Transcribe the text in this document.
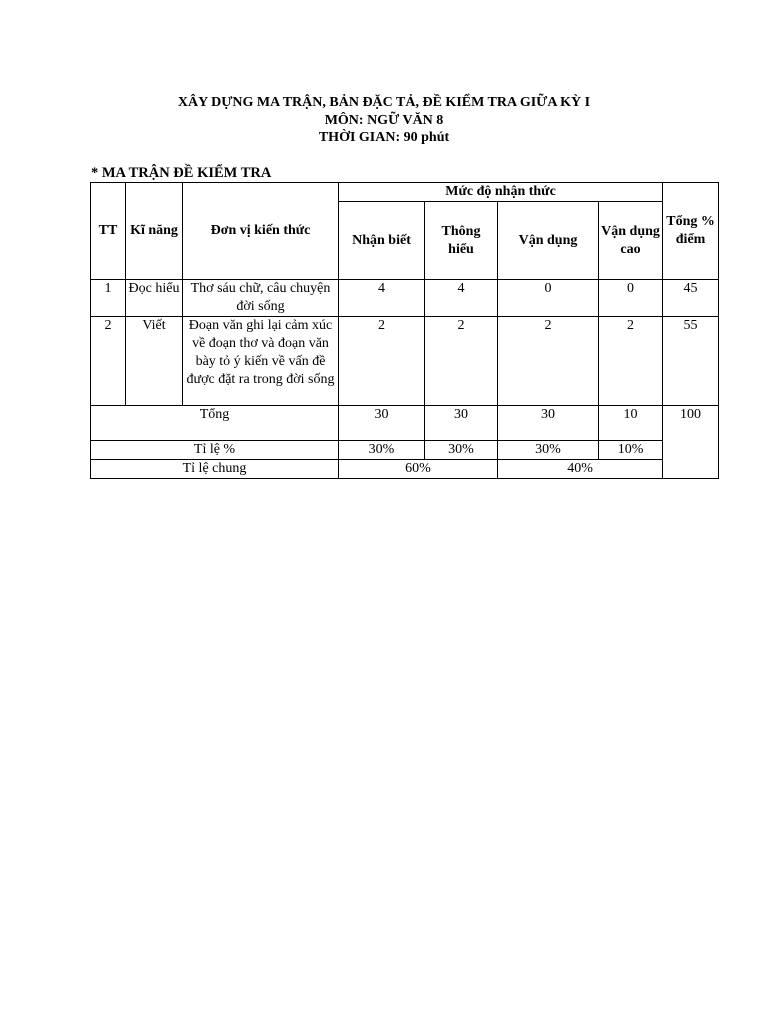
XÂY DỰNG MA TRẬN, BẢN ĐẶC TẢ, ĐỀ KIỂM TRA GIỮA KỲ I
MÔN: NGỮ VĂN 8
THỜI GIAN: 90 phút
* MA TRẬN ĐỀ KIỂM TRA
TT	Kĩ năng	Đơn vị kiến thức	Mức độ nhận thức				Tổng % điểm
			Nhận biết	Thông hiểu	Vận dụng	Vận dụng cao	
1	Đọc hiểu	Thơ sáu chữ, câu chuyện đời sống	4	4	0	0	45
2	Viết	Đoạn văn ghi lại cảm xúc về đoạn thơ và đoạn văn bày tỏ ý kiến về vấn đề được đặt ra trong đời sống	2	2	2	2	55
Tổng			30	30	30	10	100
Tỉ lệ %			30%	30%	30%	10%	
Tỉ lệ chung			60%		40%		
